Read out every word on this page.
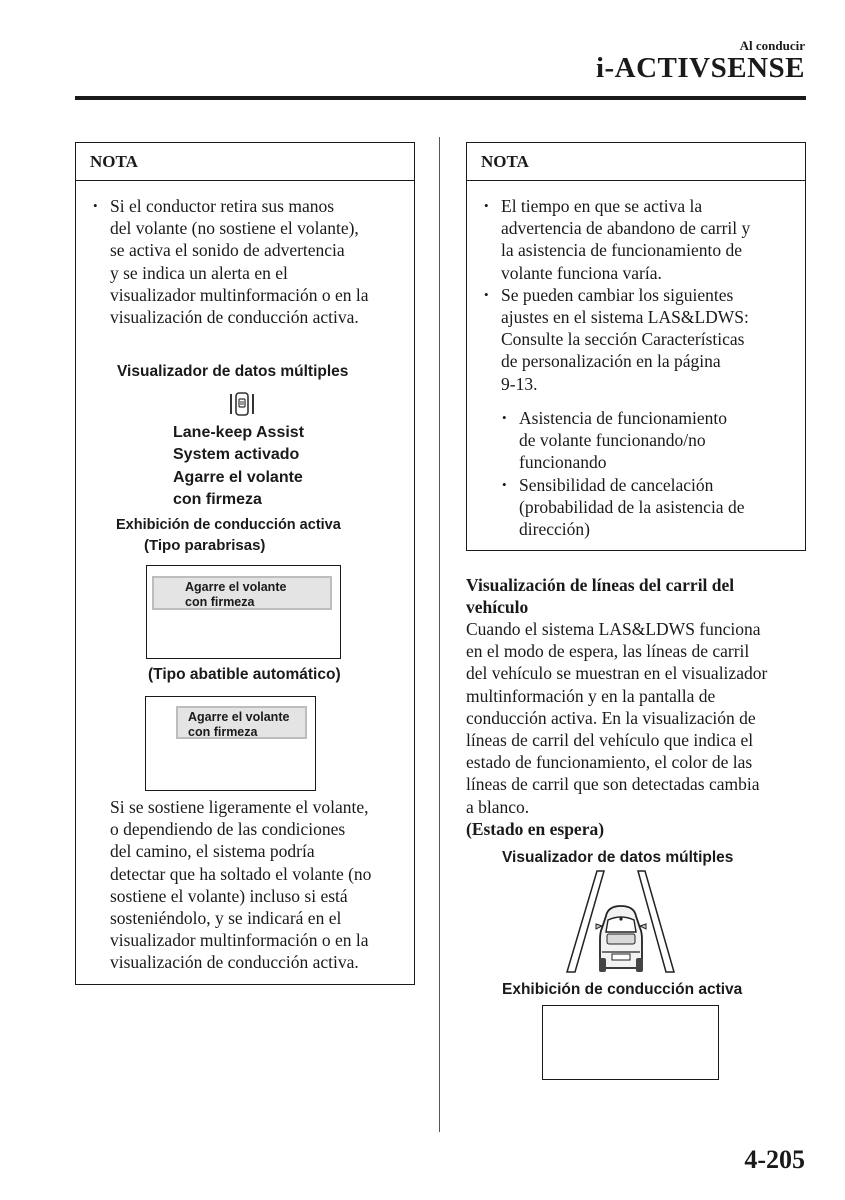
Al conducir
i-ACTIVSENSE
NOTA
• Si el conductor retira sus manos
del volante (no sostiene el volante),
se activa el sonido de advertencia
y se indica un alerta en el
visualizador multinformación o en la
visualización de conducción activa.
Visualizador de datos múltiples
Lane-keep Assist
System activado
Agarre el volante
con firmeza
Exhibición de conducción activa
(Tipo parabrisas)
Agarre el volante
con firmeza
(Tipo abatible automático)
Agarre el volante
con firmeza
Si se sostiene ligeramente el volante,
o dependiendo de las condiciones
del camino, el sistema podría
detectar que ha soltado el volante (no
sostiene el volante) incluso si está
sosteniéndolo, y se indicará en el
visualizador multinformación o en la
visualización de conducción activa.
NOTA
• El tiempo en que se activa la
advertencia de abandono de carril y
la asistencia de funcionamiento de
volante funciona varía.
• Se pueden cambiar los siguientes
ajustes en el sistema LAS&LDWS:
Consulte la sección Características
de personalización en la página
9-13.
• Asistencia de funcionamiento
de volante funcionando/no
funcionando
• Sensibilidad de cancelación
(probabilidad de la asistencia de
dirección)
Visualización de líneas del carril del
vehículo
Cuando el sistema LAS&LDWS funciona
en el modo de espera, las líneas de carril
del vehículo se muestran en el visualizador
multinformación y en la pantalla de
conducción activa. En la visualización de
líneas de carril del vehículo que indica el
estado de funcionamiento, el color de las
líneas de carril que son detectadas cambia
a blanco.
(Estado en espera)
Visualizador de datos múltiples
Exhibición de conducción activa
4-205
